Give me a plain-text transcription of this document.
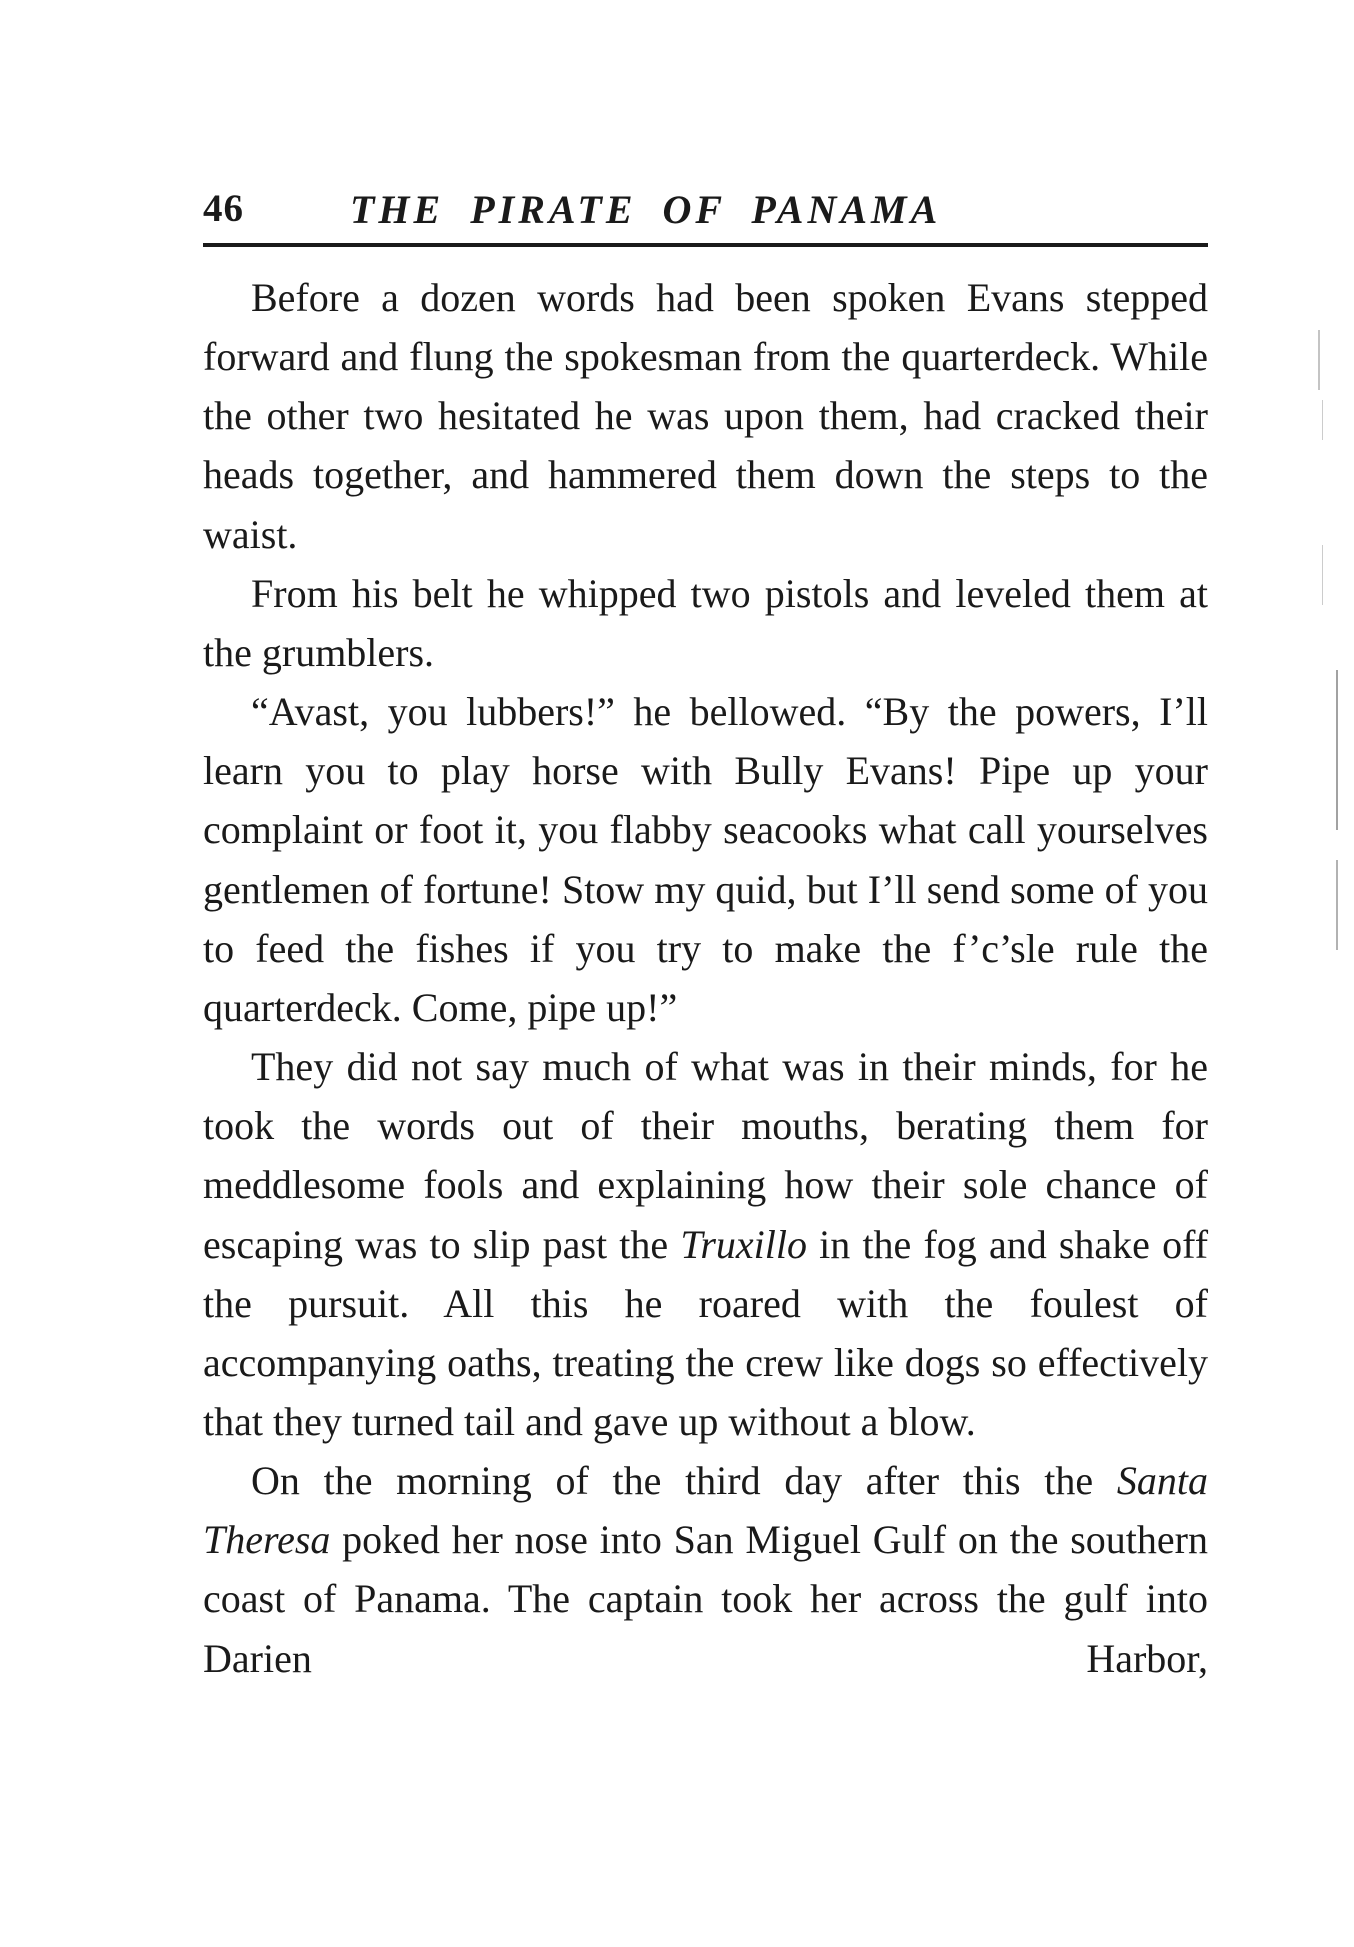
46	THE PIRATE OF PANAMA

Before a dozen words had been spoken Evans stepped forward and flung the spokesman from the quarterdeck. While the other two hesitated he was upon them, had cracked their heads together, and hammered them down the steps to the waist.

From his belt he whipped two pistols and leveled them at the grumblers.

“Avast, you lubbers!” he bellowed. “By the powers, I’ll learn you to play horse with Bully Evans! Pipe up your complaint or foot it, you flabby seacooks what call yourselves gentlemen of fortune! Stow my quid, but I’ll send some of you to feed the fishes if you try to make the f’c’sle rule the quarterdeck. Come, pipe up!”

They did not say much of what was in their minds, for he took the words out of their mouths, berating them for meddlesome fools and explaining how their sole chance of escaping was to slip past the Truxillo in the fog and shake off the pursuit. All this he roared with the foulest of accompanying oaths, treating the crew like dogs so effectively that they turned tail and gave up without a blow.

On the morning of the third day after this the Santa Theresa poked her nose into San Miguel Gulf on the southern coast of Panama. The captain took her across the gulf into Darien Harbor,
